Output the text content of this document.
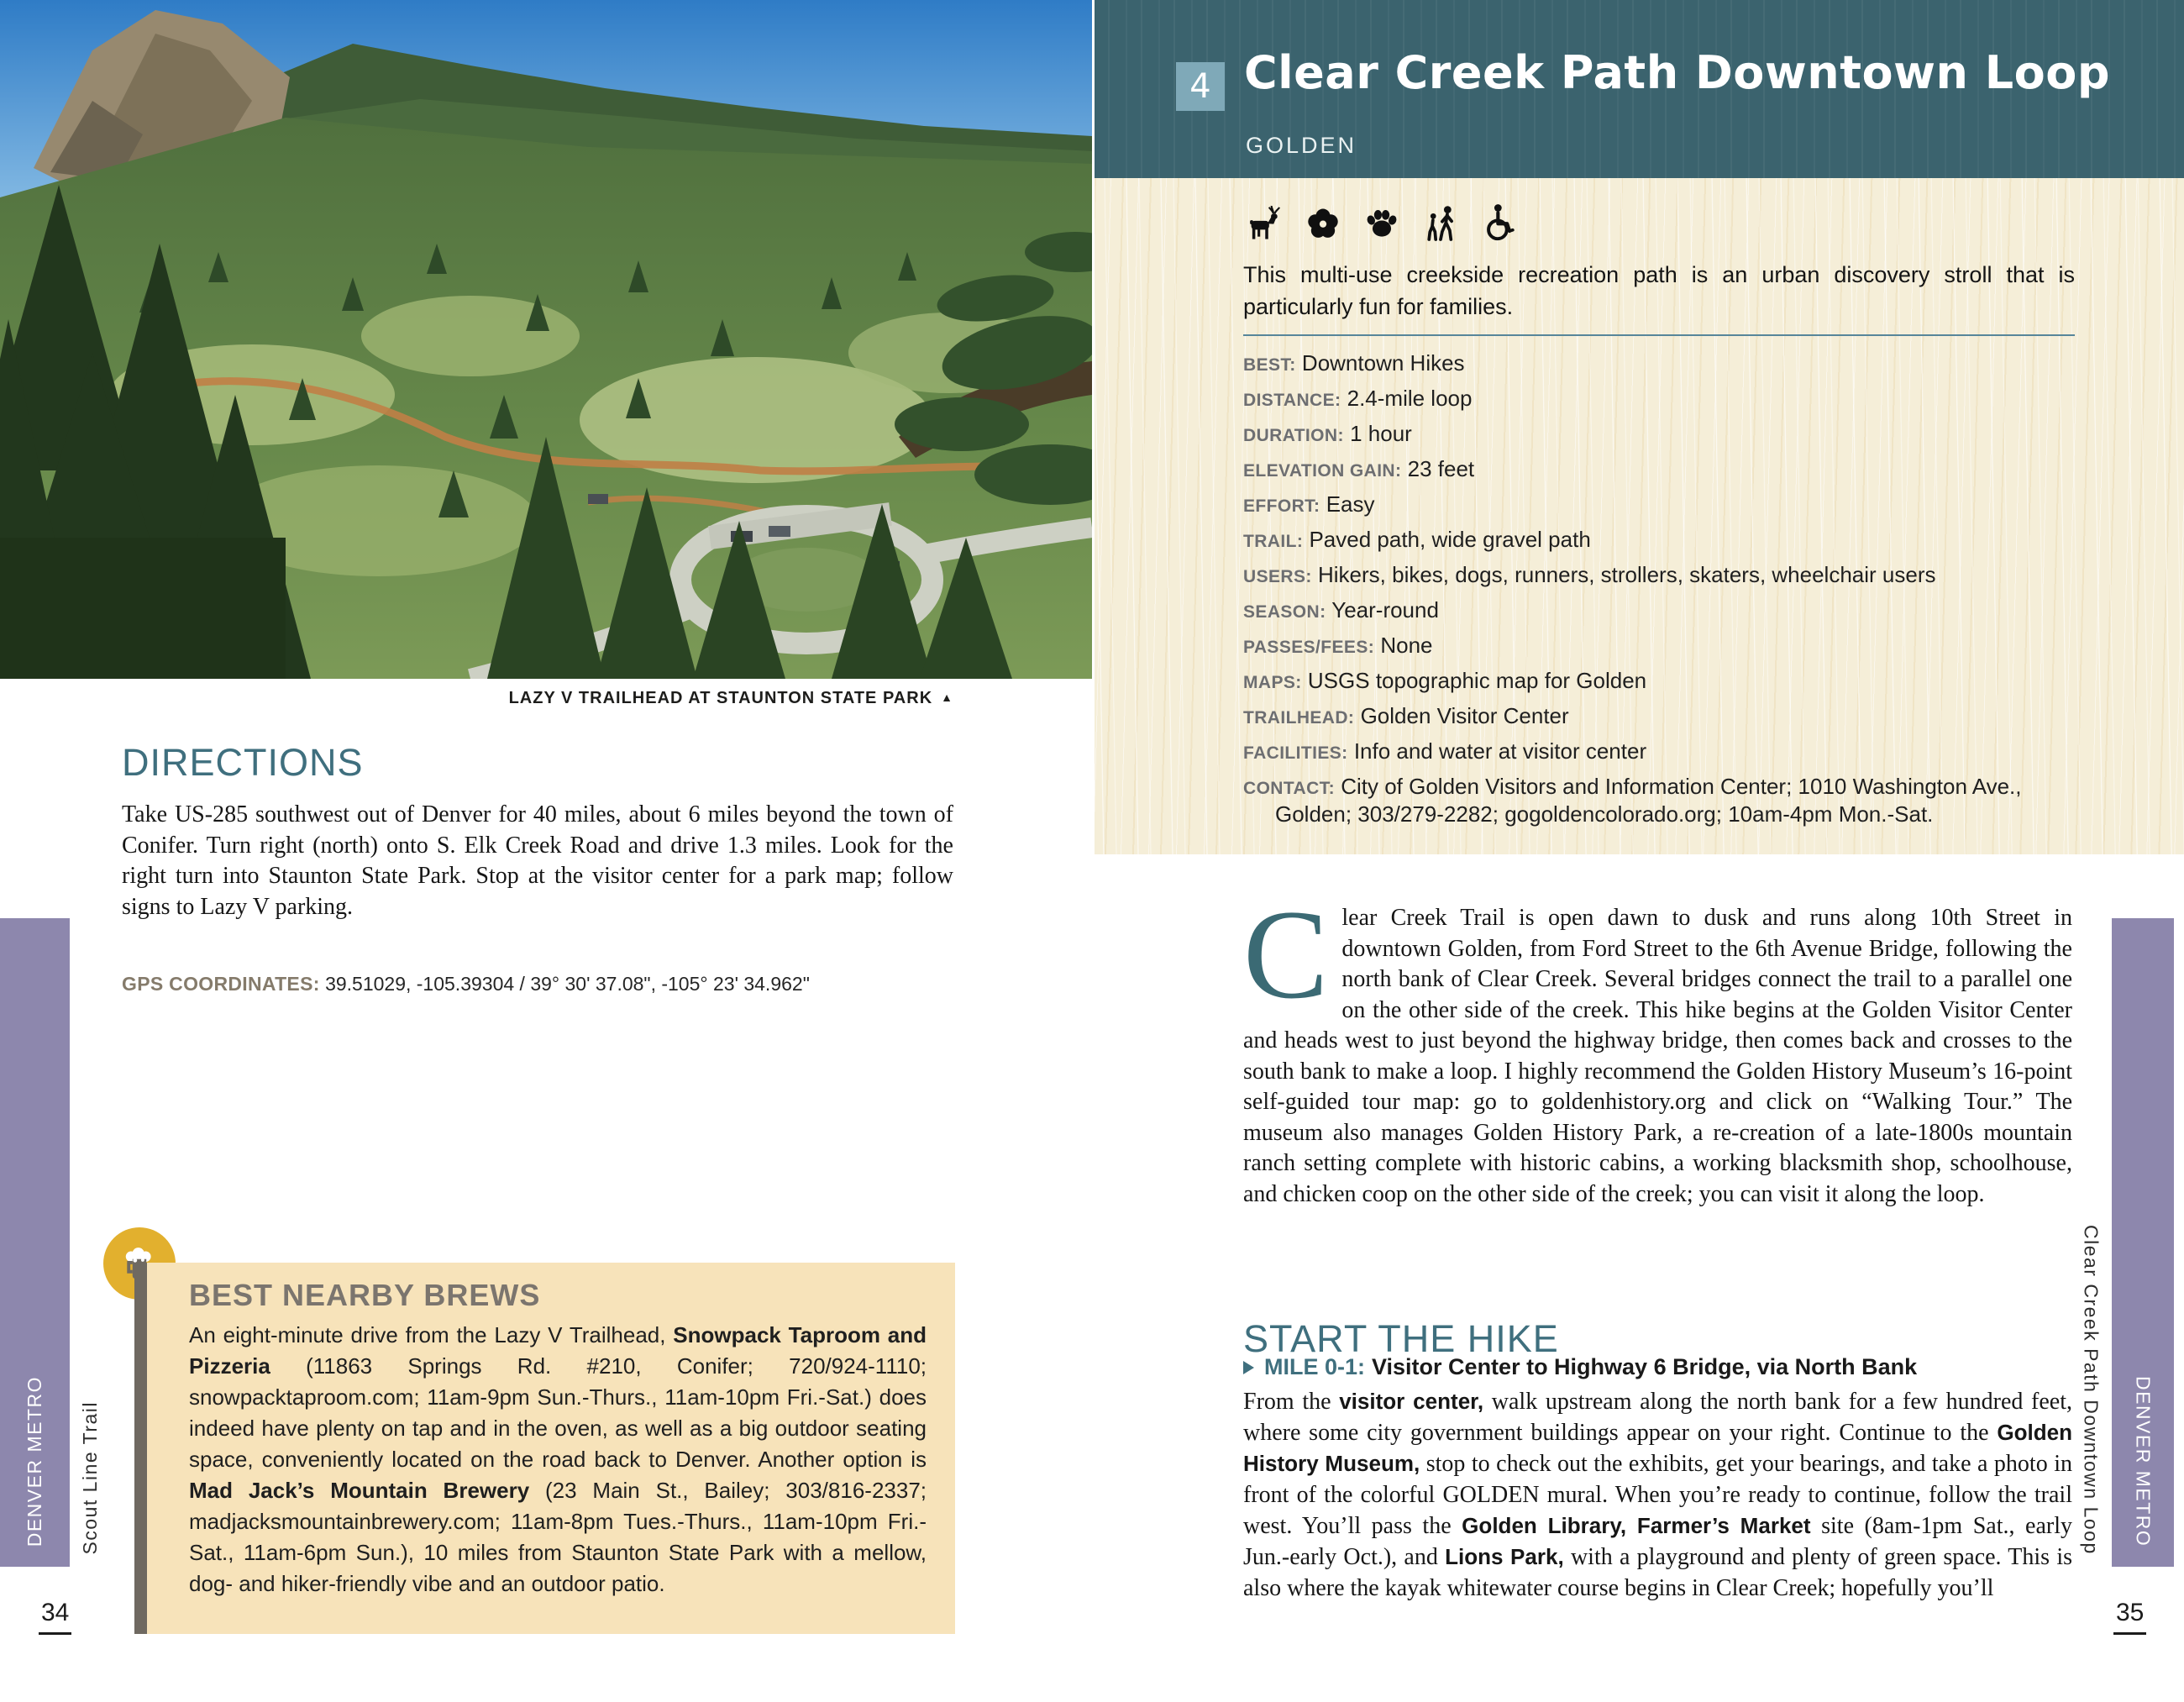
LAZY V TRAILHEAD AT STAUNTON STATE PARK ▲
DIRECTIONS

Take US-285 southwest out of Denver for 40 miles, about 6 miles beyond the town of Conifer. Turn right (north) onto S. Elk Creek Road and drive 1.3 miles. Look for the right turn into Staunton State Park. Stop at the visitor center for a park map; follow signs to Lazy V parking.

GPS COORDINATES: 39.51029, -105.39304 / 39° 30' 37.08", -105° 23' 34.962"
BEST NEARBY BREWS

An eight-minute drive from the Lazy V Trailhead, Snowpack Taproom and Pizzeria (11863 Springs Rd. #210, Conifer; 720/924-1110; snowpacktaproom.com; 11am-9pm Sun.-Thurs., 11am-10pm Fri.-Sat.) does indeed have plenty on tap and in the oven, as well as a big outdoor seating space, conveniently located on the road back to Denver. Another option is Mad Jack’s Mountain Brewery (23 Main St., Bailey; 303/816-2337; madjacksmountainbrewery.com; 11am-8pm Tues.-Thurs., 11am-10pm Fri.-Sat., 11am-6pm Sun.), 10 miles from Staunton State Park with a mellow, dog- and hiker-friendly vibe and an outdoor patio.

DENVER METRO Scout Line Trail
34
4 Clear Creek Path Downtown Loop
GOLDEN

This multi-use creekside recreation path is an urban discovery stroll that is particularly fun for families.

BEST: Downtown Hikes
DISTANCE: 2.4-mile loop
DURATION: 1 hour
ELEVATION GAIN: 23 feet
EFFORT: Easy
TRAIL: Paved path, wide gravel path
USERS: Hikers, bikes, dogs, runners, strollers, skaters, wheelchair users
SEASON: Year-round
PASSES/FEES: None
MAPS: USGS topographic map for Golden
TRAILHEAD: Golden Visitor Center
FACILITIES: Info and water at visitor center
CONTACT: City of Golden Visitors and Information Center; 1010 Washington Ave., Golden; 303/279-2282; gogoldencolorado.org; 10am-4pm Mon.-Sat.

Clear Creek Trail is open dawn to dusk and runs along 10th Street in downtown Golden, from Ford Street to the 6th Avenue Bridge, following the north bank of Clear Creek. Several bridges connect the trail to a parallel one on the other side of the creek. This hike begins at the Golden Visitor Center and heads west to just beyond the highway bridge, then comes back and crosses to the south bank to make a loop. I highly recommend the Golden History Museum’s 16-point self-guided tour map: go to goldenhistory.org and click on “Walking Tour.” The museum also manages Golden History Park, a re-creation of a late-1800s mountain ranch setting complete with historic cabins, a working blacksmith shop, schoolhouse, and chicken coop on the other side of the creek; you can visit it along the loop.

START THE HIKE
MILE 0-1: Visitor Center to Highway 6 Bridge, via North Bank

From the visitor center, walk upstream along the north bank for a few hundred feet, where some city government buildings appear on your right. Continue to the Golden History Museum, stop to check out the exhibits, get your bearings, and take a photo in front of the colorful GOLDEN mural. When you’re ready to continue, follow the trail west. You’ll pass the Golden Library, Farmer’s Market site (8am-1pm Sat., early Jun.-early Oct.), and Lions Park, with a playground and plenty of green space. This is also where the kayak whitewater course begins in Clear Creek; hopefully you’ll

Clear Creek Path Downtown Loop DENVER METRO
35
